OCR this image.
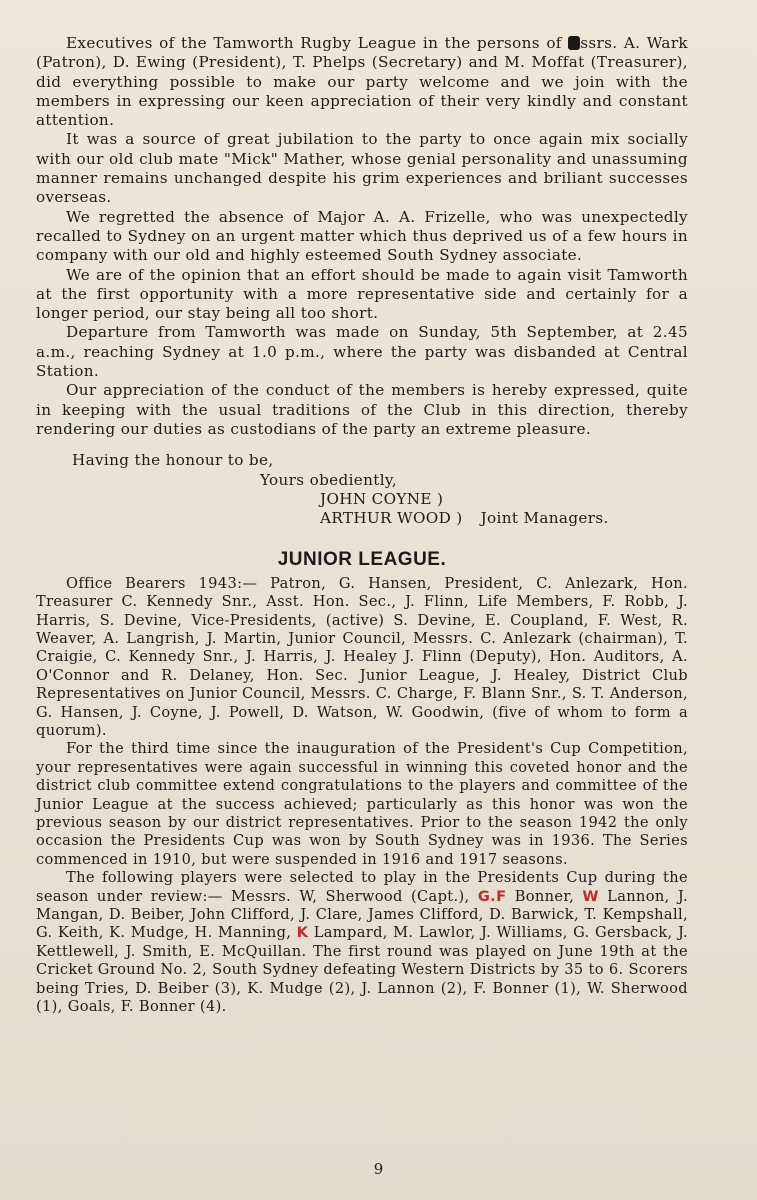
Executives of the Tamworth Rugby League in the persons of ssrs. A. Wark (Patron), D. Ewing (President), T. Phelps (Secretary) and M. Moffat (Treasurer), did everything possible to make our party welcome and we join with the members in expressing our keen appreciation of their very kindly and constant attention.

It was a source of great jubilation to the party to once again mix socially with our old club mate "Mick" Mather, whose genial personality and unassuming manner remains unchanged despite his grim experiences and briliant successes overseas.

We regretted the absence of Major A. A. Frizelle, who was unexpectedly recalled to Sydney on an urgent matter which thus deprived us of a few hours in company with our old and highly esteemed South Sydney associate.

We are of the opinion that an effort should be made to again visit Tamworth at the first opportunity with a more representative side and certainly for a longer period, our stay being all too short.

Departure from Tamworth was made on Sunday, 5th September, at 2.45 a.m., reaching Sydney at 1.0 p.m., where the party was disbanded at Central Station.

Our appreciation of the conduct of the members is hereby expressed, quite in keeping with the usual traditions of the Club in this direction, thereby rendering our duties as custodians of the party an extreme pleasure.

Having the honour to be,
Yours obediently,
JOHN COYNE )
ARTHUR WOOD ) Joint Managers.
JUNIOR LEAGUE.

Office Bearers 1943:— Patron, G. Hansen, President, C. Anlezark, Hon. Treasurer C. Kennedy Snr., Asst. Hon. Sec., J. Flinn, Life Members, F. Robb, J. Harris, S. Devine, Vice-Presidents, (active) S. Devine, E. Coupland, F. West, R. Weaver, A. Langrish, J. Martin, Junior Council, Messrs. C. Anlezark (chairman), T. Craigie, C. Kennedy Snr., J. Harris, J. Healey J. Flinn (Deputy), Hon. Auditors, A. O'Connor and R. Delaney, Hon. Sec. Junior League, J. Healey, District Club Representatives on Junior Council, Messrs. C. Charge, F. Blann Snr., S. T. Anderson, G. Hansen, J. Coyne, J. Powell, D. Watson, W. Goodwin, (five of whom to form a quorum).

For the third time since the inauguration of the President's Cup Competition, your representatives were again successful in winning this coveted honor and the district club committee extend congratulations to the players and committee of the Junior League at the success achieved; particularly as this honor was won the previous season by our district representatives. Prior to the season 1942 the only occasion the Presidents Cup was won by South Sydney was in 1936. The Series commenced in 1910, but were suspended in 1916 and 1917 seasons.

The following players were selected to play in the Presidents Cup during the season under review:— Messrs. W, Sherwood (Capt.), G.F Bonner, W Lannon, J. Mangan, D. Beiber, John Clifford, J. Clare, James Clifford, D. Barwick, T. Kempshall, G. Keith, K. Mudge, H. Manning, K Lampard, M. Lawlor, J. Williams, G. Gersback, J. Kettlewell, J. Smith, E. McQuillan. The first round was played on June 19th at the Cricket Ground No. 2, South Sydney defeating Western Districts by 35 to 6. Scorers being Tries, D. Beiber (3), K. Mudge (2), J. Lannon (2), F. Bonner (1), W. Sherwood (1), Goals, F. Bonner (4).

9
